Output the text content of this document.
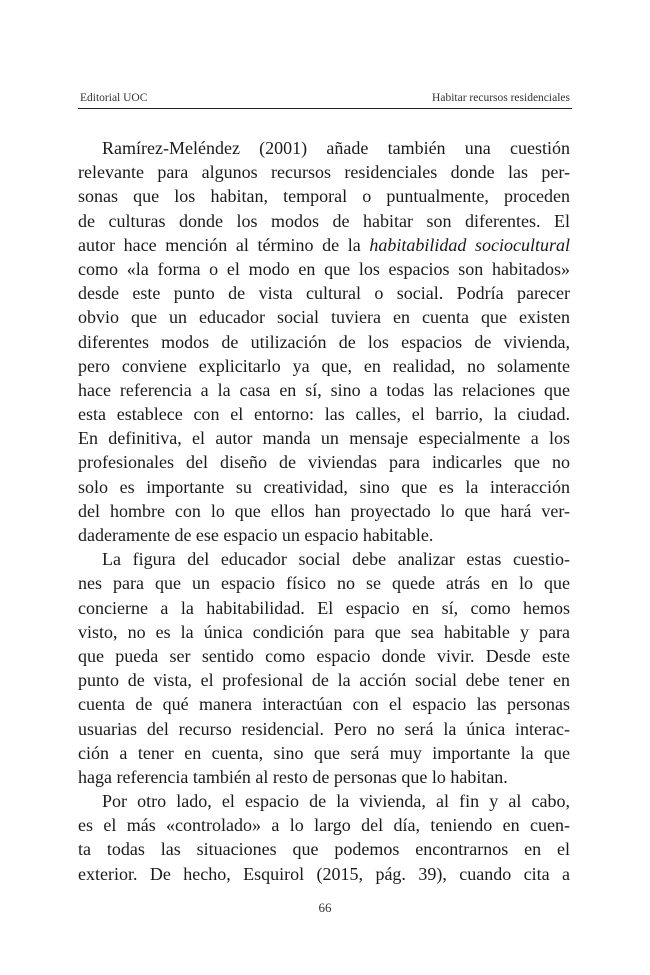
Editorial UOC	Habitar recursos residenciales
Ramírez-Meléndez (2001) añade también una cuestión
relevante para algunos recursos residenciales donde las per-
sonas que los habitan, temporal o puntualmente, proceden
de culturas donde los modos de habitar son diferentes. El
autor hace mención al término de la habitabilidad sociocultural
como «la forma o el modo en que los espacios son habitados»
desde este punto de vista cultural o social. Podría parecer
obvio que un educador social tuviera en cuenta que existen
diferentes modos de utilización de los espacios de vivienda,
pero conviene explicitarlo ya que, en realidad, no solamente
hace referencia a la casa en sí, sino a todas las relaciones que
esta establece con el entorno: las calles, el barrio, la ciudad.
En definitiva, el autor manda un mensaje especialmente a los
profesionales del diseño de viviendas para indicarles que no
solo es importante su creatividad, sino que es la interacción
del hombre con lo que ellos han proyectado lo que hará ver-
daderamente de ese espacio un espacio habitable.
La figura del educador social debe analizar estas cuestio-
nes para que un espacio físico no se quede atrás en lo que
concierne a la habitabilidad. El espacio en sí, como hemos
visto, no es la única condición para que sea habitable y para
que pueda ser sentido como espacio donde vivir. Desde este
punto de vista, el profesional de la acción social debe tener en
cuenta de qué manera interactúan con el espacio las personas
usuarias del recurso residencial. Pero no será la única interac-
ción a tener en cuenta, sino que será muy importante la que
haga referencia también al resto de personas que lo habitan.
Por otro lado, el espacio de la vivienda, al fin y al cabo,
es el más «controlado» a lo largo del día, teniendo en cuen-
ta todas las situaciones que podemos encontrarnos en el
exterior. De hecho, Esquirol (2015, pág. 39), cuando cita a
66
